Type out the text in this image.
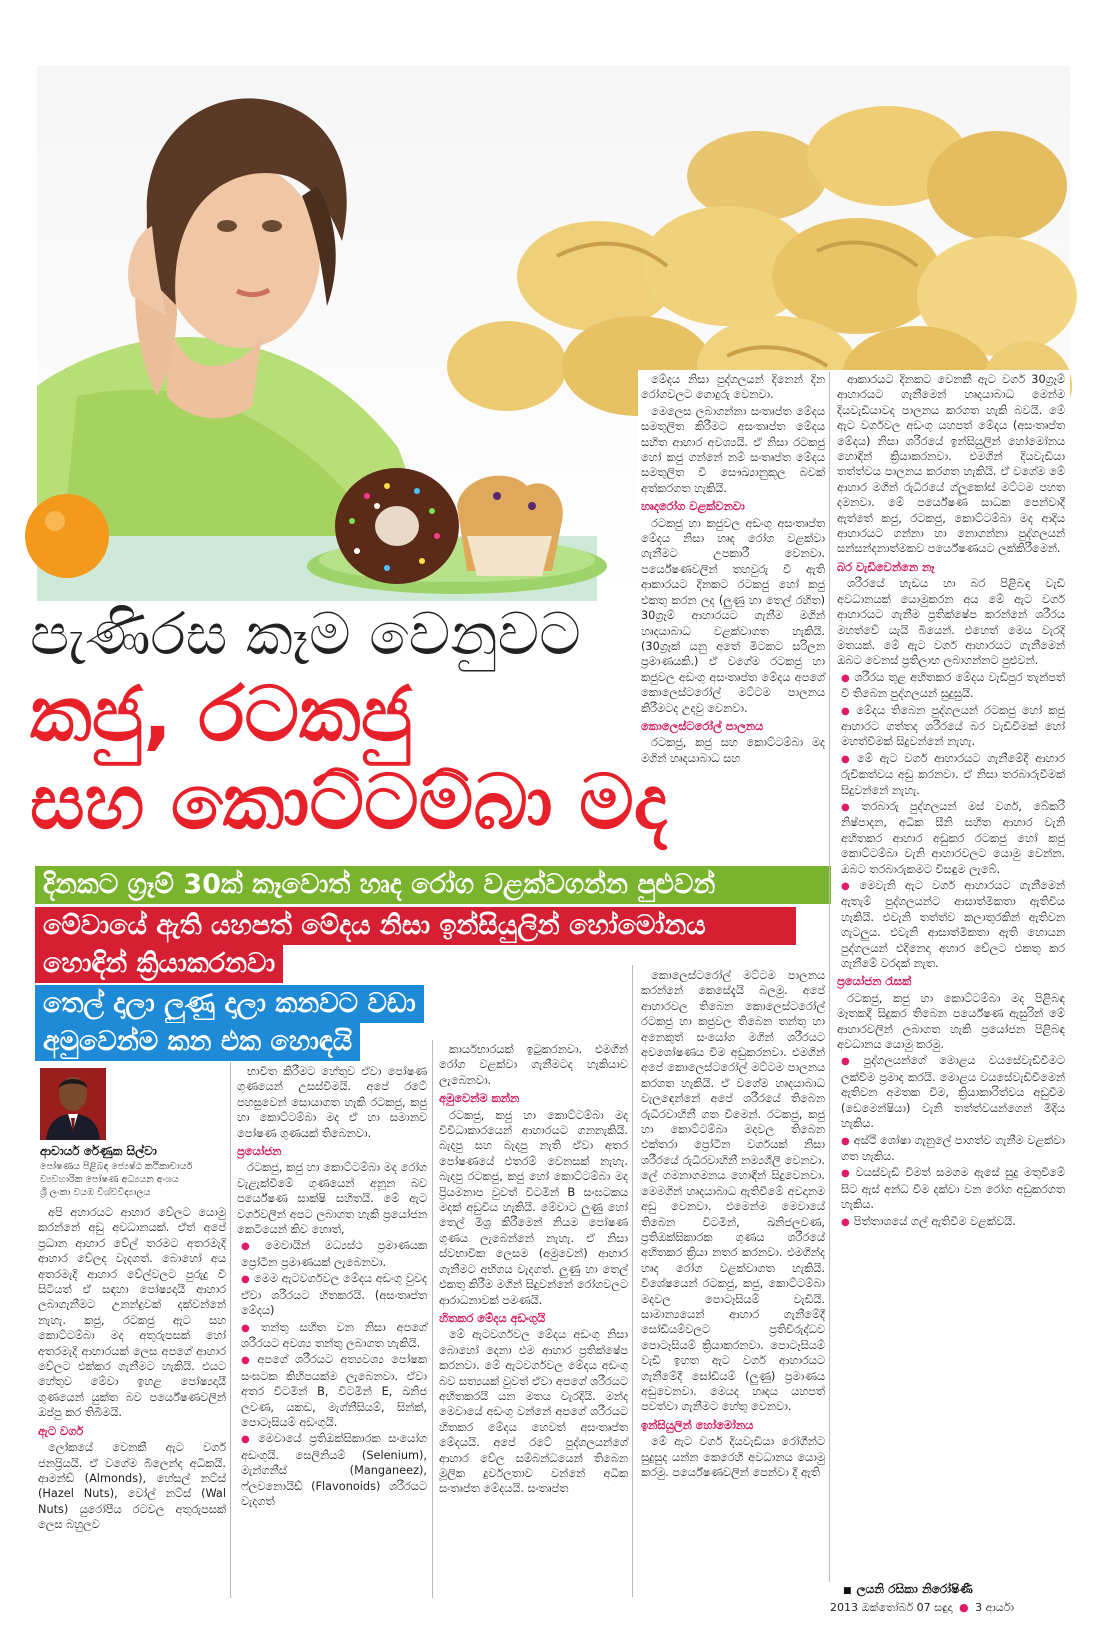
පැණිරස කෑම වෙනුවට
කජු, රටකජු
සහ කොට්ටම්බා මද
දිනකට ග්‍රෑම් 30ක් කෑවොත් හෘද රෝග වළක්වගන්න පුළුවන්
මේවායේ ඇති යහපත් මේදය නිසා ඉන්සියුලින් හෝමෝනය
හොඳින් ක්‍රියාකරනවා
තෙල් දාලා ලුණු දාලා කනවට වඩා
අමුවෙන්ම කන එක හොඳයි
ආචාර්ය රේණුක සිල්වා
පෝෂණය පිළිබඳ ජ්‍යෙෂ්ඨ කථිකාචාර්ය
ව්‍යවහාරික පෝෂණ අධ්‍යයන අංශය
ශ්‍රී ලංකා වයඹ විශ්වවිද්‍යාලය

මේදය නිසා පුද්ගලයන් දිනෙන් දින රෝගවලට ගොදුරු වෙනවා.

මෙලෙස ලබාගන්නා සංතෘප්ත මේදය සමතුලිත කිරීමට අසංතෘප්ත මේදය සහිත ආහාර අවශ්‍යයි. ඒ නිසා රටකජු හෝ කජු ගන්නේ නම් සංතෘප්ත මේදය සමතුලිත වී සෞඛ්‍යානුකූල බවක් අත්කරගත හැකියි.

හෘදරෝග වළක්වනවා

රටකජු හා කජුවල අඩංගු අසංතෘප්ත මේදය නිසා හෘද රෝග වළක්වා ගැනීමට උපකාරී වෙනවා. පර්යේෂණවලින් තහවුරු වී ඇති ආකාරයට දිනකට රටකජු හෝ කජු එකතු කරන ලද (ලුණු හා තෙල් රහිත) 30ග්‍රෑම් ආහාරයට ගැනීම මගින් හෘදයාබාධ වළක්වාගත හැකියි. (30ග්‍රෑක් යනු අතේ මිටකට සරිලන ප්‍රමාණයකි.) ඒ වගේම රටකජු හා කජුවල අඩංගු අසංතෘප්ත මේදය අපගේ කොලෙස්ටරෝල් මට්ටම පාලනය කිරීමටද උදවු වෙනවා.

කොලෙස්ටරෝල් පාලනය

රටකජු, කජු සහ කොට්ටම්බා මද මගින් හෘදයාබාධ සහ

ආකාරයට දිනකට වෙනකී ඇට වර්ග 30ග්‍රෑම් ආහාරයට ගැනීමෙන් හෘදයාබාධ මෙන්ම දියවැඩියාවද පාලනය කරගත හැකි බවයි. මේ ඇට වර්ගවල අඩංගු යහපත් මේදය (අසංතෘප්ත මේදය) නිසා ශරීරයේ ඉන්සියුලින් හෝමෝනය හොඳින් ක්‍රියාකරනවා. එමගින් දියවැඩියා තත්ත්වය පාලනය කරගත හැකියි. ඒ වගේම මේ ආහාර මගින් රුධිරයේ ග්ලූකෝස් මට්ටම පහත දමනවා. මේ පර්යේෂණ සාධක පෙන්වාදී ඇත්තේ කජු, රටකජු, කොට්ටම්බා මද ආදිය ආහාරයට ගන්නා හා නොගන්නා පුද්ගලයන් සන්සන්දනාත්මකව පර්යේෂණයට ලක්කිරීමෙන්.

බර වැඩිවෙන්නෙ නෑ

ශරීරයේ හැඩය හා බර පිළිබඳ වැඩි අවධානයක් යොමුකරන අය මේ ඇට වර්ග ආහාරයට ගැනීම ප්‍රතික්ෂේප කරන්නේ ශරීරය මහත්වේ යැයි බියෙන්. එහෙත් මෙය වැරදි මතයක්. මේ ඇට වර්ග ආහාරයට ගැනීමෙන් ඔබට වෙනස් ප්‍රතිලාභ ලබාගන්නට පුළුවන්.

● ශරීරය තුළ අහිතකර මේදය වැඩිපුර තැන්පත් වී තිබෙන පුද්ගලයන් සුදුසුයි.

● මේදය තිබෙන පුද්ගලයන් රටකජු හෝ කජු ආහාරට ගත්තද ශරීරයේ බර වැඩිවීමක් හෝ මහත්වීමක් සිදුවන්නේ නැහැ.

● මේ ඇට වර්ග ආහාරයට ගැනීමේදී ආහාර රුචිකත්වය අඩු කරනවා. ඒ නිසා තරබාරුවීමක් සිදුවන්නේ නැහැ.

● තරබාරු පුද්ගලයන් මස් වර්ග, බේකරි නිෂ්පාදන, අධික සීනි සහිත ආහාර වැනි අහිතකර ආහාර අඩුකර රටකජු හෝ කජු කොට්ටම්බා වැනි ආහාරවලට යොමු වෙන්න. ඔබට තරබාරුකමට විසඳුම ලැබේ.

● මෙවැනි ඇට වර්ග ආහාරයට ගැනීමෙන් ඇතැම් පුද්ගලයන්ට ආසාත්මිකතා ඇතිවිය හැකියි. එවැනි තත්ත්ව කලාතුරකින් ඇතිවන ගැටලුය. එවැනි ආසාත්මිකතා ඇති හොයන පුද්ගලයන් එදිනෙදා අහාර වේලට එකතු කර ගැනීමේ වරදක් නැත.

ප්‍රයෝජන රැසක්

රටකජු, කජු හා කොට්ටම්බා මද පිළිබඳ මෑතකදී සිදුකර තිබෙන පර්යේෂණ ඇසුරින් මේ ආහාරවලින් ලබාගත හැකි ප්‍රයෝජන පිළිබඳ අවධානය යොමු කරමු.

● පුද්ගලයන්ගේ මොළය වයසේවැඩිවීමට ලක්වීම ප්‍රමාද කරයි. මොළය වයසේවැඩිවීමෙන් ඇතිවන අමතක වීම, ක්‍රියාකාරිත්වය අඩුවීම (ඩෙමෙන්ෂියා) වැනි තත්ත්වයන්ගෙන් මිදිය හැකිය.

● අස්ථි ශෝෂා ගැනුලේ පාගත්ව ගැනීම වළක්වා ගත හැකිය.

● වයස්වැඩි වීමත් සමගම ඇසේ සුදු මතුවීමේ සිට ඇස් අන්ධ වීම දක්වා වන රෝග අඩුකරගත හැකිය.

● පිත්තාශයේ ගල් ඇතිවීම වළක්වයි.

අපි අහාරයට ආහාර වේලට යොමු කරන්නේ අඩු අවධානයක්. ඒත් අපේ ප්‍රධාන ආහාර වේල් තරමට අතරමැදි ආහාර වේලද වැදගත්. බොහෝ අය අතරමැදි ආහාර වේල්වලට පුරුදු වී සිටියත් ඒ සඳහා පෝෂ්‍යදායී ආහාර ලබාගැනීමට උනන්දුවක් දක්වන්නේ නැහැ. කජු, රටකජු ඇට සහ කොට්ටම්බා මද අතුරුපසක් හෝ අතරමැදි ආහාරයක් ලෙස අපගේ ආහාර වේලට එක්කර ගැනීමට හැකියි. එයට හේතුව මේවා ඉහළ පෝෂ්‍යදායී ගුණයෙන් යුක්ත බව පර්යේෂණවලින් ඔප්පු කර තිබීමයි.

ඇට වර්ග

ලෝකයේ වෙනකී ඇට වර්ග ජනප්‍රියයි. ඒ වගේම බිලෙන්ද අධිකයි. ආමන්ඩ් (Almonds), හේසල් නට්ස් (Hazel Nuts), වෝල් නට්ස් (Wal Nuts) යුරෝපීය රටවල අතුරුපසක් ලෙස බහුලව

භාවිත කිරීමට හේතුව ඒවා පෝෂණ ගුණයෙන් උසස්වීමයි. අපේ රටේ පහසුවෙන් සොයාගත හැකි රටකජු, කජු හා කොට්ටම්බා මද ඒ හා සමානව පෝෂණ ගුණයක් තිබෙනවා.

ප්‍රයෝජන

රටකජු, කජු හා කොට්ටම්බා මද රෝග වැළැක්වීමේ ගුණයෙන් අනූන බව පර්යේෂණ සාක්ෂි සහිතයි. මේ ඇට වර්ගවලින් අපට ලබාගත හැකි ප්‍රයෝජන කෙටියෙන් කිව හොත්,

● මෙවායින් මධ්‍යස්ථ ප්‍රමාණයක ප්‍රෝටීන ප්‍රමාණයක් ලැබෙනවා.

● මෙම ඇටවර්ගවල මේදය අඩංගු වුවද ඒවා ශරීරයට හිතකරයි. (අසංතෘප්ත මේදය)

● තන්තු සහිත වන නිසා අපගේ ශරීරයට අවශ්‍ය තන්තු ලබාගත හැකියි.

● අපගේ ශරීරයට අත්‍යවශ්‍ය පෝෂක සංඝටක කිහිපයක්ම ලැබෙනවා. ඒවා අතර විටමින් B, විටමින් E, ඛනිජ ලවණ, යකඩ, මැග්නීසියම්, සින්ක්, පොටෑසියම් අඩංගුයි.

● මෙවායේ ප්‍රතිඔක්සිකාරක සංයෝග අඩංගුයි. සෙලිනියම් (Selenium), මැන්ගනීස් (Manganeez), ෆ්ලවනොයිඩ් (Flavonoids) ශරීරයට වැදගත්

කාර්යභාරයක් ඉටුකරනවා. එමගින් රෝග වළක්වා ගැනීමටද හැකියාව ලැබෙනවා.

අමුවෙන්ම කන්න

රටකජු, කජු හා කොට්ටම්බා මද විවිධාකාරයෙන් ආහාරයට ගනනැකියි. බැදපු සහ බැදපු නැති ඒවා අතර පෝෂණයේ එතරම් වෙනසක් නැහැ. බැදපු රටකජු, කජු හෝ කොට්ටම්බා මද ප්‍රියමනාප වුවත් විටමින් B සංඝටකය මදක් අඩුවිය හැකියි. මේවාට ලුණු හෝ තෙල් මිශ්‍ර කිරීමෙන් නියම පෝෂණ ගුණය ලැබෙන්නේ නැහැ. ඒ නිසා ස්වභාවික ලෙසම (අමුවෙන්) ආහාර ගැනීමට අභිගය වැදගත්. ලුණු හා තෙල් එකතු කිරීම මගින් සිදුවන්නේ රෝගවලට ආරාධනාවක් පමණයි.

හිතකර මේදය අඩංගුයි

මේ ඇටවර්ගවල මේදය අඩංගු නිසා බොහෝ දෙනා එම ආහාර ප්‍රතික්ෂේප කරනවා. මේ ඇටවර්ගවල මේදය අඩංගු බව සත්‍යයක් වුවත් ඒවා අපගේ ශරීරයට අහිතකරයි යන මතය වැරදියි. මන්ද මෙවායේ අඩංගු වන්නේ අපගේ ශරීරයට හිතකර මේදය හෙවත් අසංතෘප්ත මේදයයි. අපේ රටේ පුද්ගලයන්ගේ ආහාර වේල සම්බන්ධයෙන් තිබෙන මූලික දුර්වලතාව වන්නේ අධික සංතෘප්ත මේදයයි. සංතෘප්ත

කොලෙස්ටරෝල් මට්ටම පාලනය කරන්නේ කෙසේදැයි බලමු. අපේ ආහාරවල තිබෙන කොලෙස්ටරෝල් රටකජු හා කජුවල තිබෙන තන්තු හා අනෙකුත් සංයෝග මගින් ශරීරයට අවශෝෂණය වීම අඩුකරනවා. එමගින් අපේ කොලෙස්ටරෝල් මට්ටම පාලනය කරගත හැකියි. ඒ වගේම හෘදයාබාධ වැලඳෙන්නේ අපේ ශරීරයේ තිබෙන රුධිරවාහිනී ගත වීමෙන්. රටකජු, කජු හා කොට්ටම්බා මදවල තිබෙන එක්තරා ප්‍රෝටීන වර්ගයක් නිසා ශරීරයේ රුධිරවාහිනී නම්‍යශීලී වෙනවා. ලේ ගමනාගමනය හොඳින් සිදුවෙනවා. මෙමගින් හෘදයාබාධ ඇතිවීමේ අවදානම අඩු වෙනවා. එමෙන්ම මෙවායේ තිබෙන විටමින්, ඛනිජලවණ, ප්‍රතිඔක්සිකාරක ගුණය ශරීරයේ අහිතකර ක්‍රියා නතර කරනවා. එමගින්ද හෘද රෝග වළක්වාගත හැකියි. විශේෂයෙන් රටකජු, කජු, කොට්ටම්බා මදවල පොටෑසියම් වැඩියි. සාමාන්‍යයෙන් ආහාර ගැනීමේදී සෝඩියම්වලට ප්‍රතිවිරුද්ධව පොටෑසියම් ක්‍රියාකරනවා. පොටෑසියම් වැඩි ඉහත ඇට වර්ග ආහාරයට ගැනීමේදී සෝඩියම් (ලුණු) ප්‍රමාණය අඩුවෙනවා. මෙයද හෘදය යහපත් පවත්වා ගැනීමට හේතු වෙනවා.

ඉන්සියුලින් හෝමෝනය

මේ ඇට වර්ග දියවැඩියා රෝගීන්ට සුදුසුද යන්න කෙරෙහි අවධානය යොමු කරමු. පර්යේෂණවලින් පෙන්වා දී ඇති

■ ලයනි රසිකා නිරෝෂිණී
2013 ඔක්තෝබර් 07 සඳුදා ● 3 ආර්යා
